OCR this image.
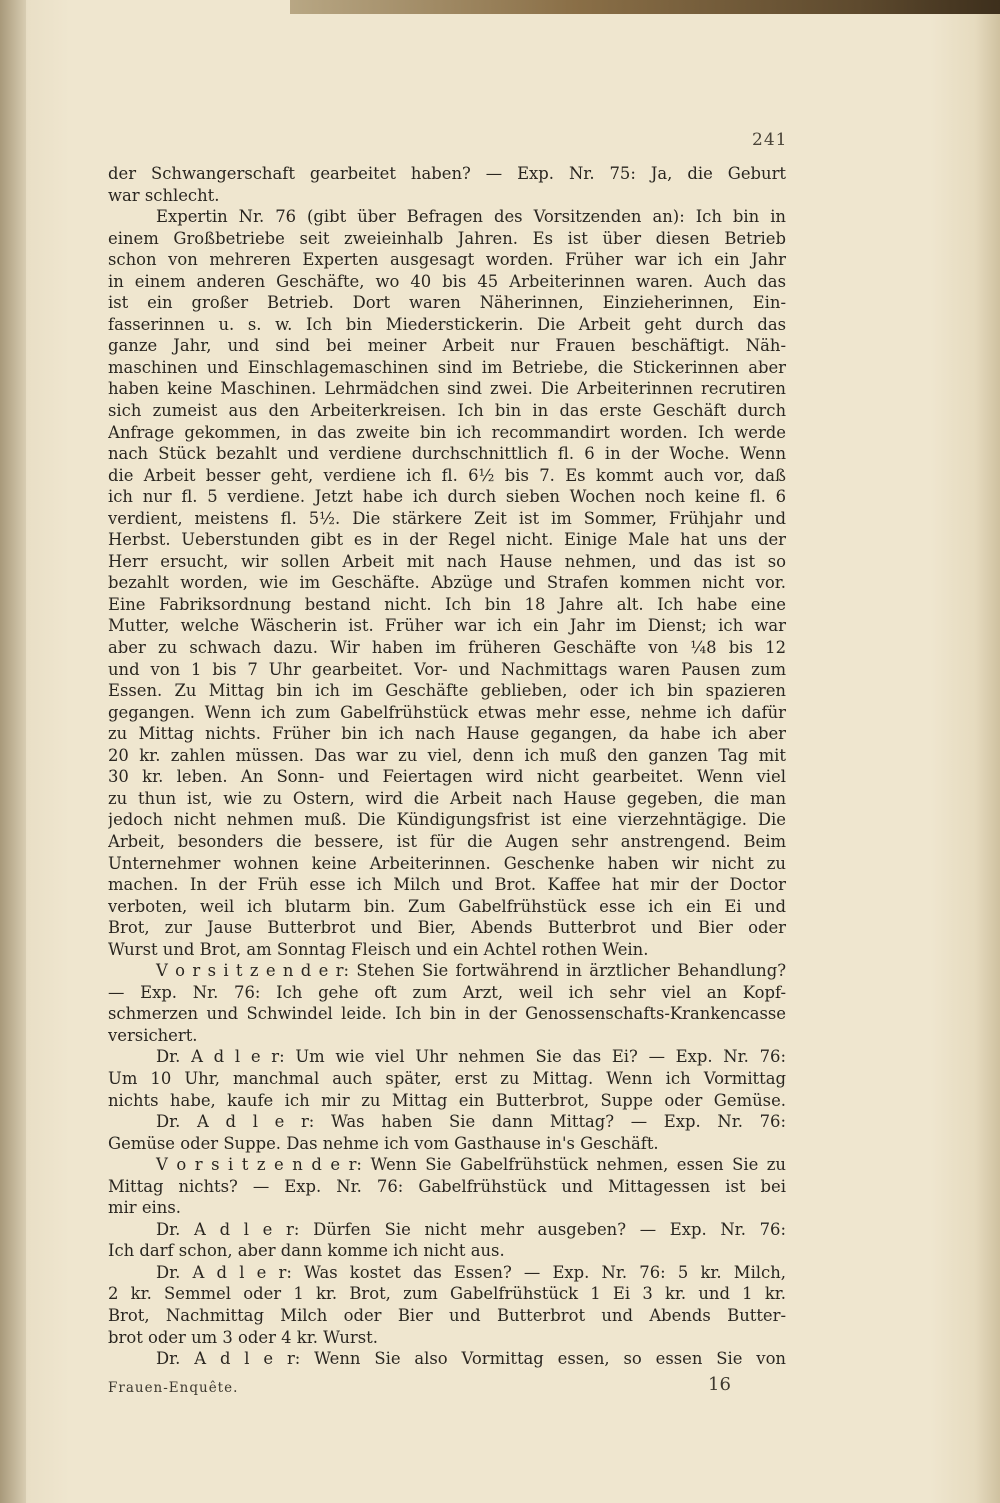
241
der Schwangerschaft gearbeitet haben? — Exp. Nr. 75: Ja, die Geburt
war schlecht.
Expertin Nr. 76 (gibt über Befragen des Vorsitzenden an): Ich bin in
einem Großbetriebe seit zweieinhalb Jahren. Es ist über diesen Betrieb
schon von mehreren Experten ausgesagt worden. Früher war ich ein Jahr
in einem anderen Geschäfte, wo 40 bis 45 Arbeiterinnen waren. Auch das
ist ein großer Betrieb. Dort waren Näherinnen, Einzieherinnen, Ein-
fasserinnen u. s. w. Ich bin Miederstickerin. Die Arbeit geht durch das
ganze Jahr, und sind bei meiner Arbeit nur Frauen beschäftigt. Näh-
maschinen und Einschlagemaschinen sind im Betriebe, die Stickerinnen aber
haben keine Maschinen. Lehrmädchen sind zwei. Die Arbeiterinnen recrutiren
sich zumeist aus den Arbeiterkreisen. Ich bin in das erste Geschäft durch
Anfrage gekommen, in das zweite bin ich recommandirt worden. Ich werde
nach Stück bezahlt und verdiene durchschnittlich fl. 6 in der Woche. Wenn
die Arbeit besser geht, verdiene ich fl. 6½ bis 7. Es kommt auch vor, daß
ich nur fl. 5 verdiene. Jetzt habe ich durch sieben Wochen noch keine fl. 6
verdient, meistens fl. 5½. Die stärkere Zeit ist im Sommer, Frühjahr und
Herbst. Ueberstunden gibt es in der Regel nicht. Einige Male hat uns der
Herr ersucht, wir sollen Arbeit mit nach Hause nehmen, und das ist so
bezahlt worden, wie im Geschäfte. Abzüge und Strafen kommen nicht vor.
Eine Fabriksordnung bestand nicht. Ich bin 18 Jahre alt. Ich habe eine
Mutter, welche Wäscherin ist. Früher war ich ein Jahr im Dienst; ich war
aber zu schwach dazu. Wir haben im früheren Geschäfte von ¼8 bis 12
und von 1 bis 7 Uhr gearbeitet. Vor- und Nachmittags waren Pausen zum
Essen. Zu Mittag bin ich im Geschäfte geblieben, oder ich bin spazieren
gegangen. Wenn ich zum Gabelfrühstück etwas mehr esse, nehme ich dafür
zu Mittag nichts. Früher bin ich nach Hause gegangen, da habe ich aber
20 kr. zahlen müssen. Das war zu viel, denn ich muß den ganzen Tag mit
30 kr. leben. An Sonn- und Feiertagen wird nicht gearbeitet. Wenn viel
zu thun ist, wie zu Ostern, wird die Arbeit nach Hause gegeben, die man
jedoch nicht nehmen muß. Die Kündigungsfrist ist eine vierzehntägige. Die
Arbeit, besonders die bessere, ist für die Augen sehr anstrengend. Beim
Unternehmer wohnen keine Arbeiterinnen. Geschenke haben wir nicht zu
machen. In der Früh esse ich Milch und Brot. Kaffee hat mir der Doctor
verboten, weil ich blutarm bin. Zum Gabelfrühstück esse ich ein Ei und
Brot, zur Jause Butterbrot und Bier, Abends Butterbrot und Bier oder
Wurst und Brot, am Sonntag Fleisch und ein Achtel rothen Wein.
V o r s i t z e n d e r: Stehen Sie fortwährend in ärztlicher Behandlung?
— Exp. Nr. 76: Ich gehe oft zum Arzt, weil ich sehr viel an Kopf-
schmerzen und Schwindel leide. Ich bin in der Genossenschafts-Krankencasse
versichert.
Dr. A d l e r: Um wie viel Uhr nehmen Sie das Ei? — Exp. Nr. 76:
Um 10 Uhr, manchmal auch später, erst zu Mittag. Wenn ich Vormittag
nichts habe, kaufe ich mir zu Mittag ein Butterbrot, Suppe oder Gemüse.
Dr. A d l e r: Was haben Sie dann Mittag? — Exp. Nr. 76:
Gemüse oder Suppe. Das nehme ich vom Gasthause in's Geschäft.
V o r s i t z e n d e r: Wenn Sie Gabelfrühstück nehmen, essen Sie zu
Mittag nichts? — Exp. Nr. 76: Gabelfrühstück und Mittagessen ist bei
mir eins.
Dr. A d l e r: Dürfen Sie nicht mehr ausgeben? — Exp. Nr. 76:
Ich darf schon, aber dann komme ich nicht aus.
Dr. A d l e r: Was kostet das Essen? — Exp. Nr. 76: 5 kr. Milch,
2 kr. Semmel oder 1 kr. Brot, zum Gabelfrühstück 1 Ei 3 kr. und 1 kr.
Brot, Nachmittag Milch oder Bier und Butterbrot und Abends Butter-
brot oder um 3 oder 4 kr. Wurst.
Dr. A d l e r: Wenn Sie also Vormittag essen, so essen Sie von
Frauen-Enquête.	16
